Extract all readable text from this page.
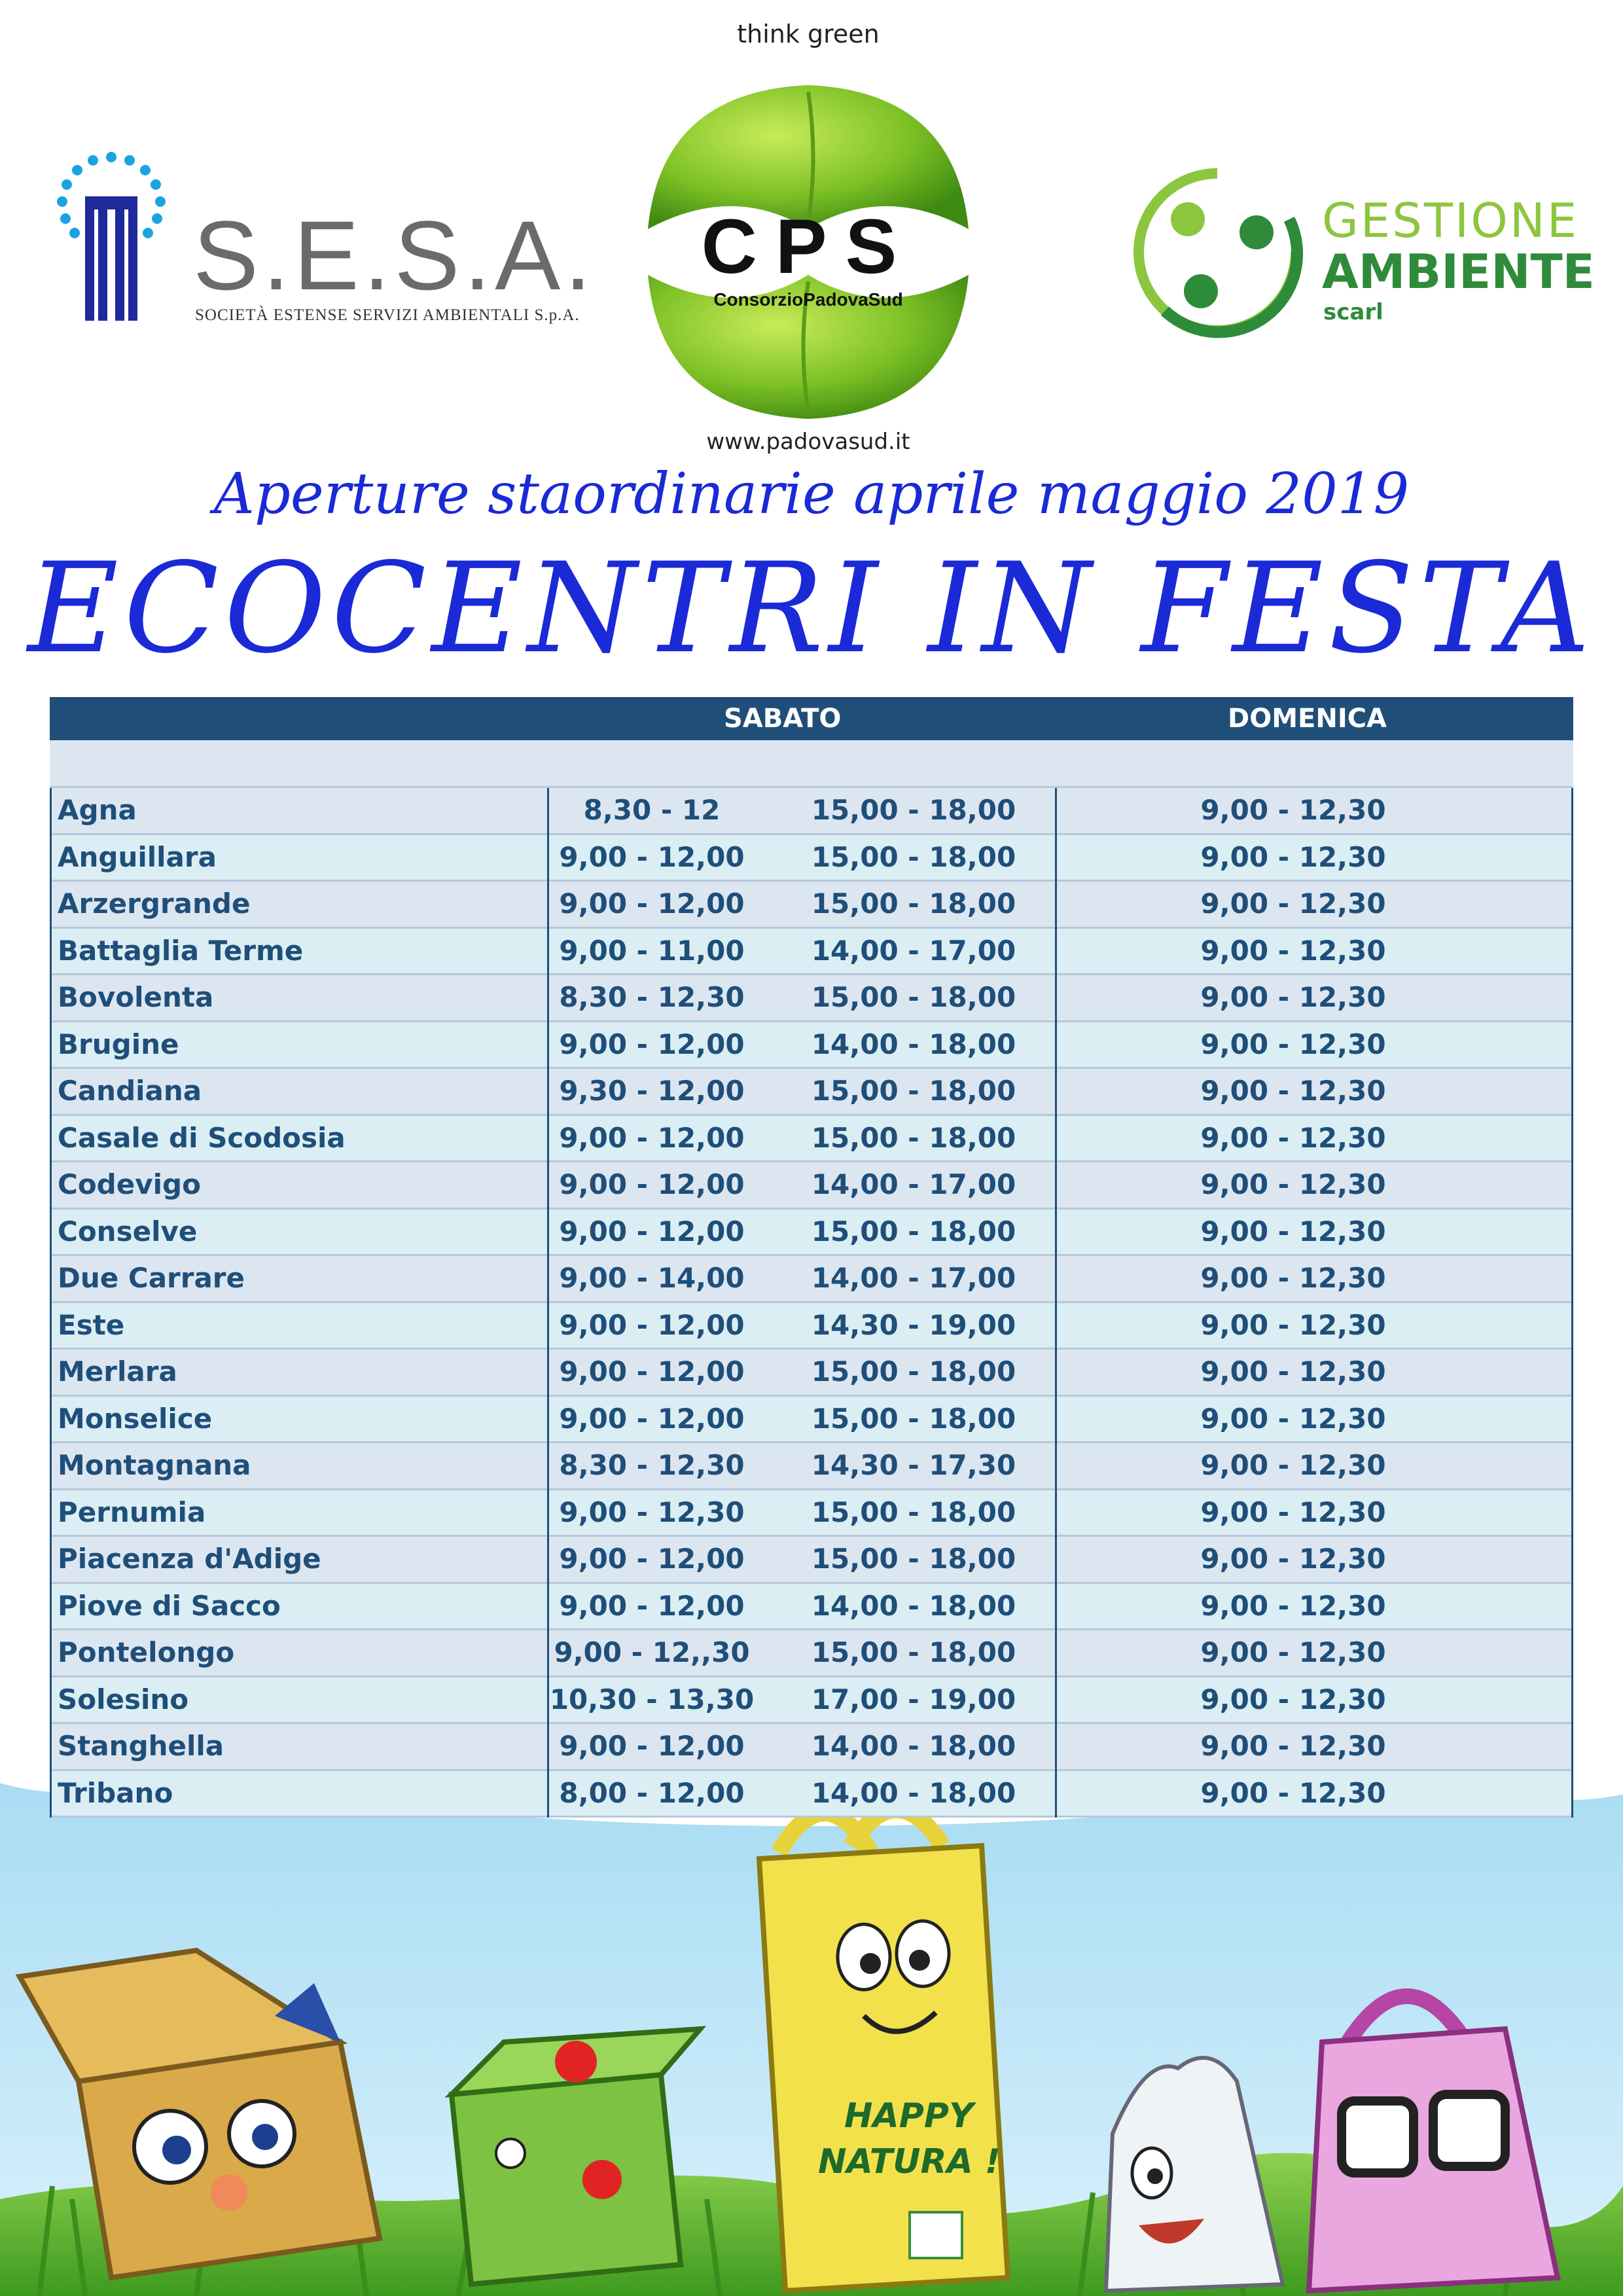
HAPPY
NATURA !
S.E.S.A.
SOCIETÀ ESTENSE SERVIZI AMBIENTALI S.p.A.
think green
CPS
ConsorzioPadovaSud
www.padovasud.it
GESTIONE
AMBIENTE
scarl
Aperture staordinarie aprile maggio 2019
ECOCENTRI IN FESTA
SABATO	DOMENICA
Agna	8,30 - 12	15,00 - 18,00	9,00 - 12,30
Anguillara	9,00 - 12,00	15,00 - 18,00	9,00 - 12,30
Arzergrande	9,00 - 12,00	15,00 - 18,00	9,00 - 12,30
Battaglia Terme	9,00 - 11,00	14,00 - 17,00	9,00 - 12,30
Bovolenta	8,30 - 12,30	15,00 - 18,00	9,00 - 12,30
Brugine	9,00 - 12,00	14,00 - 18,00	9,00 - 12,30
Candiana	9,30 - 12,00	15,00 - 18,00	9,00 - 12,30
Casale di Scodosia	9,00 - 12,00	15,00 - 18,00	9,00 - 12,30
Codevigo	9,00 - 12,00	14,00 - 17,00	9,00 - 12,30
Conselve	9,00 - 12,00	15,00 - 18,00	9,00 - 12,30
Due Carrare	9,00 - 14,00	14,00 - 17,00	9,00 - 12,30
Este	9,00 - 12,00	14,30 - 19,00	9,00 - 12,30
Merlara	9,00 - 12,00	15,00 - 18,00	9,00 - 12,30
Monselice	9,00 - 12,00	15,00 - 18,00	9,00 - 12,30
Montagnana	8,30 - 12,30	14,30 - 17,30	9,00 - 12,30
Pernumia	9,00 - 12,30	15,00 - 18,00	9,00 - 12,30
Piacenza d'Adige	9,00 - 12,00	15,00 - 18,00	9,00 - 12,30
Piove di Sacco	9,00 - 12,00	14,00 - 18,00	9,00 - 12,30
Pontelongo	9,00 - 12,,30 15,00 - 18,00	9,00 - 12,30
Solesino	10,30 - 13,30 17,00 - 19,00	9,00 - 12,30
Stanghella	9,00 - 12,00	14,00 - 18,00	9,00 - 12,30
Tribano	8,00 - 12,00	14,00 - 18,00	9,00 - 12,30
